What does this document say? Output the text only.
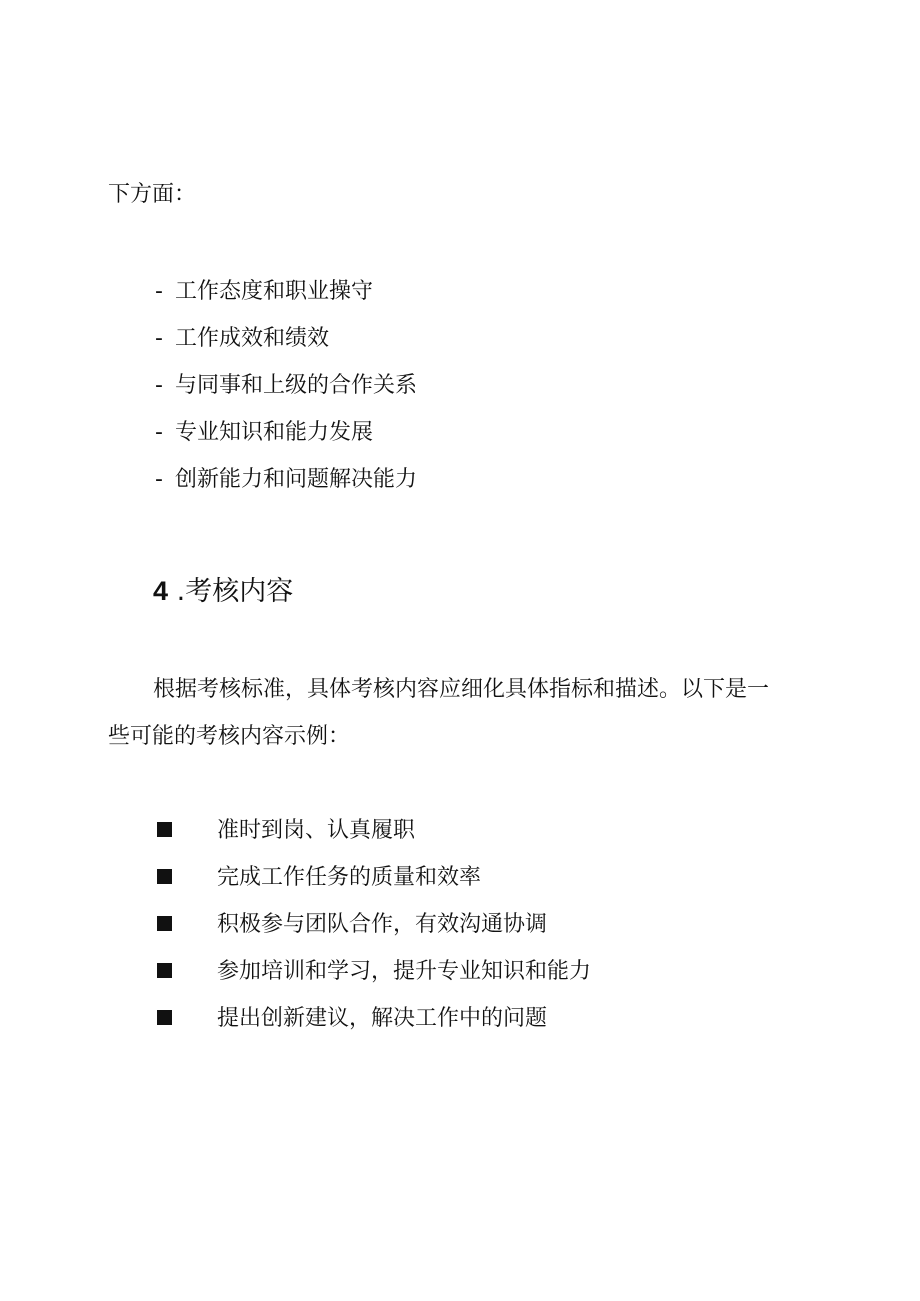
下方面：
- 工作态度和职业操守
- 工作成效和绩效
- 与同事和上级的合作关系
- 专业知识和能力发展
- 创新能力和问题解决能力
4 .考核内容
根据考核标准，具体考核内容应细化具体指标和描述。以下是一
些可能的考核内容示例：
准时到岗、认真履职
完成工作任务的质量和效率
积极参与团队合作，有效沟通协调
参加培训和学习，提升专业知识和能力
提出创新建议，解决工作中的问题
